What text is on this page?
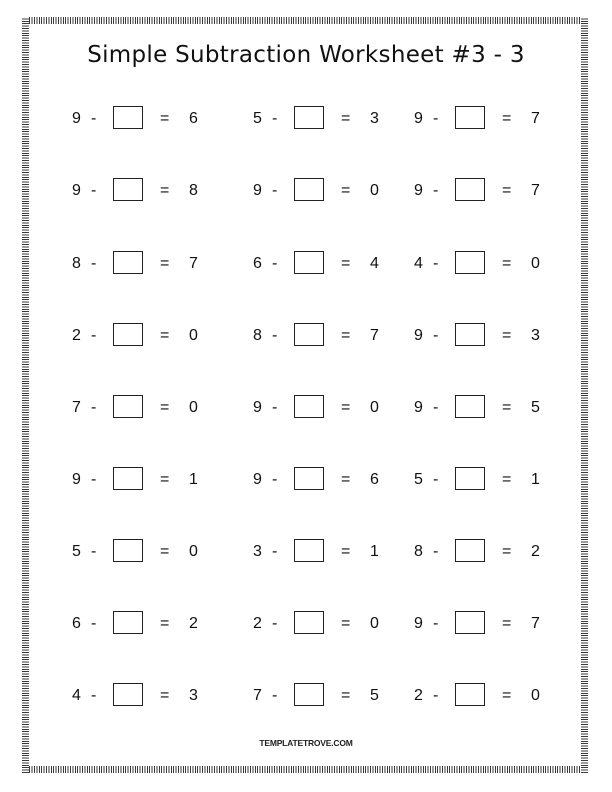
Simple Subtraction Worksheet #3 - 3
9 -	= 6	5 -	= 3 9 -	= 7
9 -	= 8	9 -	= 0 9 -	= 7
8 -	= 7	6 -	= 4 4 -	= 0
2 -	= 0	8 -	= 7 9 -	= 3
7 -	= 0	9 -	= 0 9 -	= 5
9 -	= 1	9 -	= 6 5 -	= 1
5 -	= 0	3 -	= 1 8 -	= 2
6 -	= 2	2 -	= 0 9 -	= 7
4 -	= 3	7 -	= 5 2 -	= 0
TEMPLATETROVE.COM
